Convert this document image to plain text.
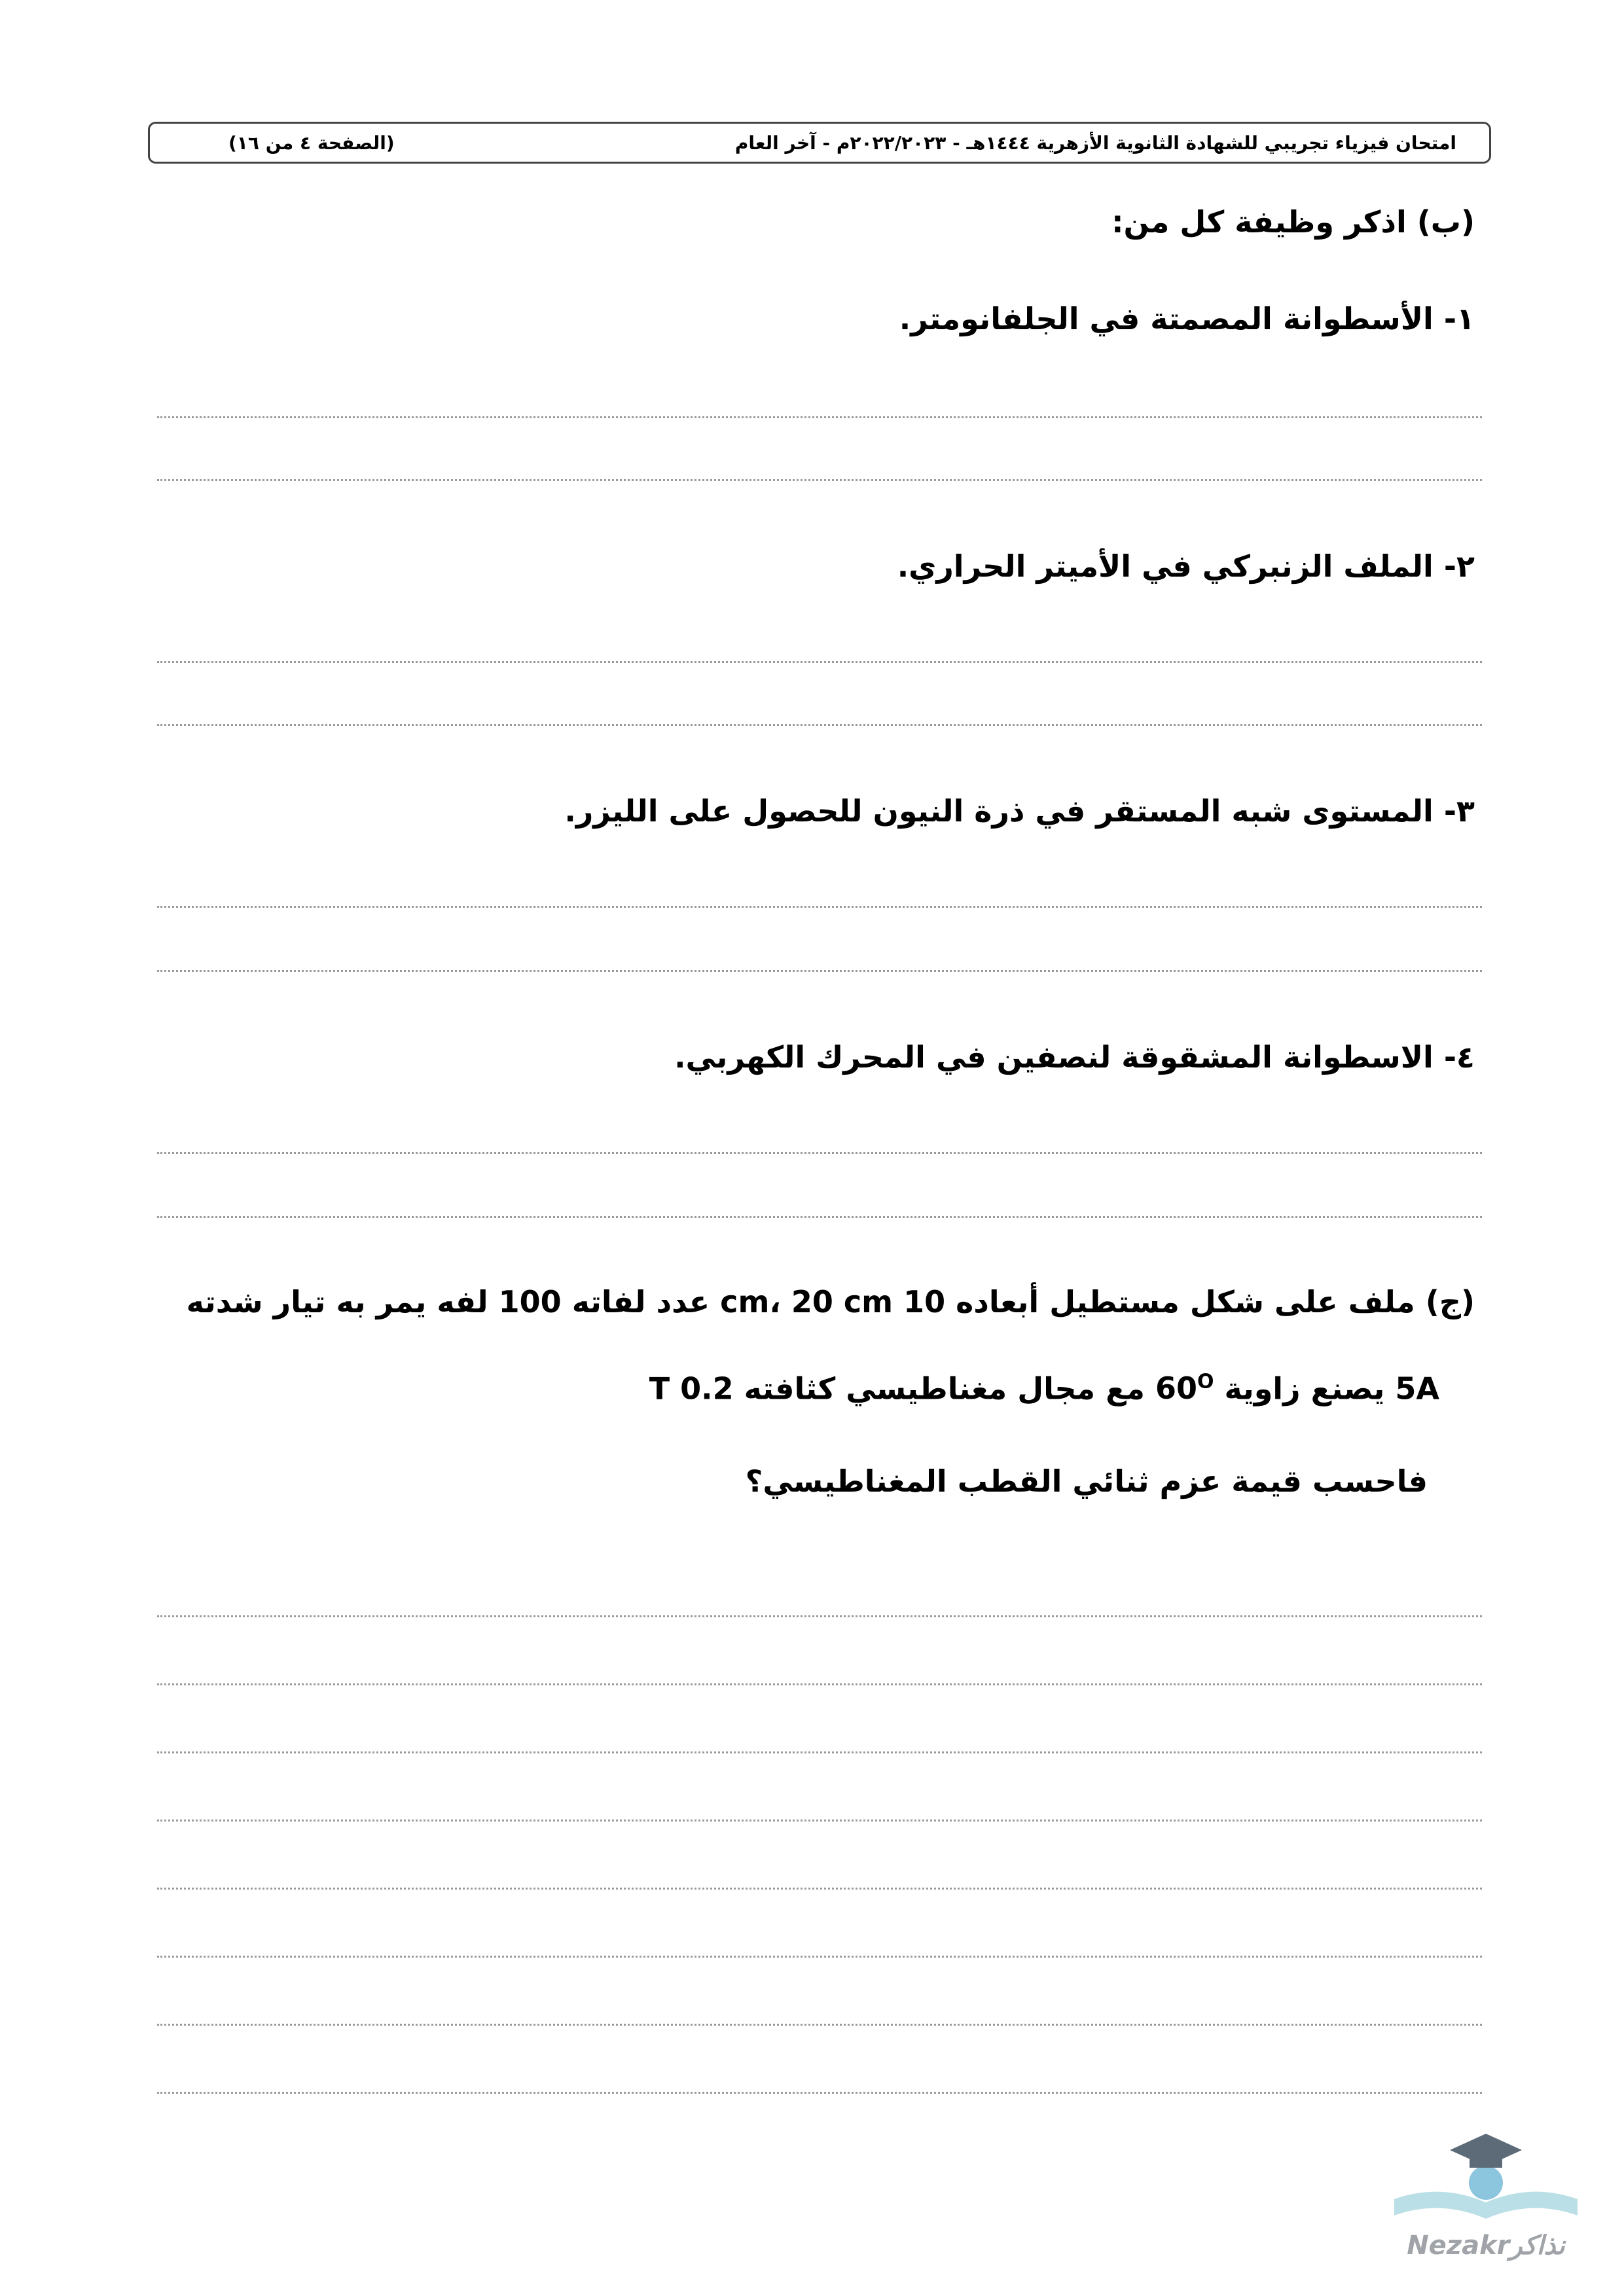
(الصفحة ٤ من ١٦)	امتحان فيزياء تجريبي للشهادة الثانوية الأزهرية ١٤٤٤هـ - ٢٠٢٢/٢٠٢٣م - آخر العام
(ب) اذكر وظيفة كل من:
١- الأسطوانة المصمتة في الجلفانومتر.
٢- الملف الزنبركي في الأميتر الحراري.
٣- المستوى شبه المستقر في ذرة النيون للحصول على الليزر.
٤- الاسطوانة المشقوقة لنصفين في المحرك الكهربي.
(ج) ملف على شكل مستطيل أبعاده 10 cm، 20 cm عدد لفاته 100 لفه يمر به تيار شدته
5A يصنع زاوية $60^O$ مع مجال مغناطيسي كثافته 0.2 T
فاحسب قيمة عزم ثنائي القطب المغناطيسي؟
Nezakrنذاكر
